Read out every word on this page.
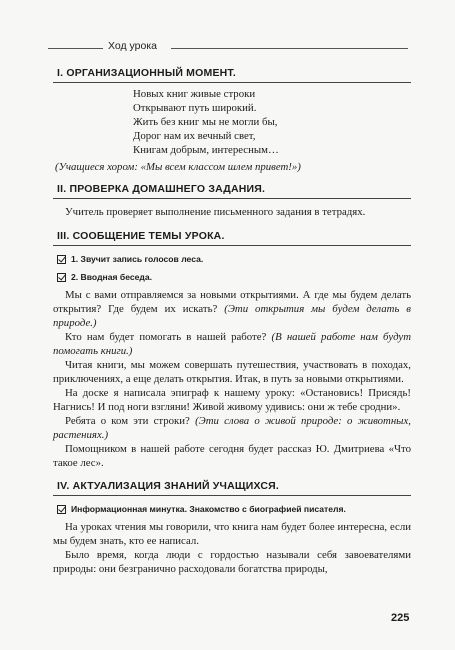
Ход урока
I. ОРГАНИЗАЦИОННЫЙ МОМЕНТ.
Новых книг живые строки
Открывают путь широкий.
Жить без книг мы не могли бы,
Дорог нам их вечный свет,
Книгам добрым, интересным…
(Учащиеся хором: «Мы всем классом шлем привет!»)
II. ПРОВЕРКА ДОМАШНЕГО ЗАДАНИЯ.

Учитель проверяет выполнение письменного задания в тетрадях.

III. СООБЩЕНИЕ ТЕМЫ УРОКА.
1. Звучит запись голосов леса.
2. Вводная беседа.

Мы с вами отправляемся за новыми открытиями. А где мы будем делать открытия? Где будем их искать? (Эти открытия мы будем делать в природе.)

Кто нам будет помогать в нашей работе? (В нашей работе нам будут помогать книги.)

Читая книги, мы можем совершать путешествия, участвовать в походах, приключениях, а еще делать открытия. Итак, в путь за новыми открытиями.

На доске я написала эпиграф к нашему уроку: «Остановись! Присядь! Нагнись! И под ноги взгляни! Живой живому удивись: они ж тебе сродни».

Ребята о ком эти строки? (Эти слова о живой природе: о животных, растениях.)

Помощником в нашей работе сегодня будет рассказ Ю. Дмитриева «Что такое лес».

IV. АКТУАЛИЗАЦИЯ ЗНАНИЙ УЧАЩИХСЯ.
Информационная минутка. Знакомство с биографией писателя.

На уроках чтения мы говорили, что книга нам будет более интересна, если мы будем знать, кто ее написал.

Было время, когда люди с гордостью называли себя завоевателями природы: они безгранично расходовали богатства природы,

225
